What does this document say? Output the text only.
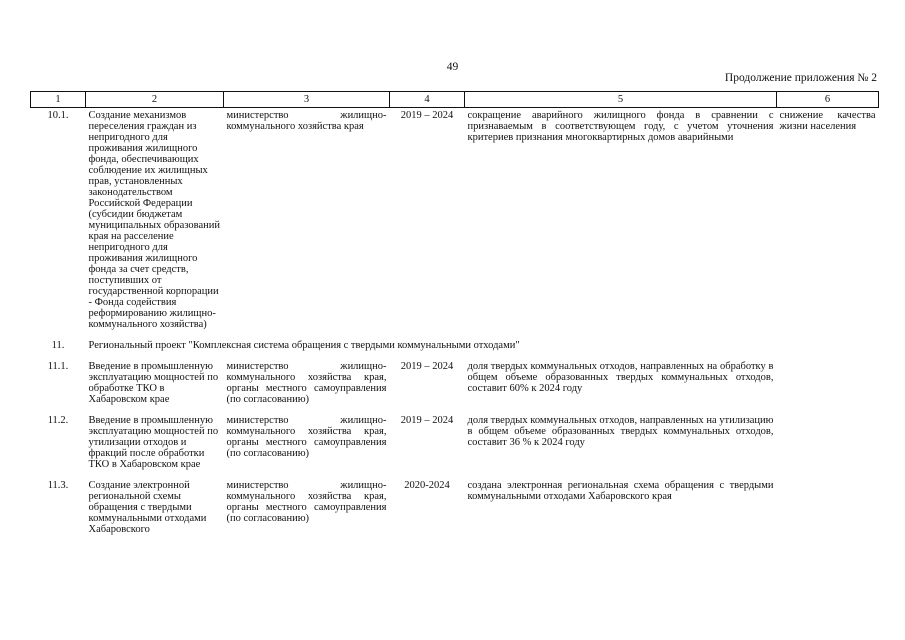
49
Продолжение приложения № 2
1	2	3	4	5	6
10.1.	Создание механизмов переселения граждан из непригодного для проживания жилищного фонда, обеспечивающих соблюдение их жилищных прав, установленных законодательством Российской Федерации (субсидии бюджетам муниципальных образований края на расселение непригодного для проживания жилищного фонда за счет средств, поступивших от государственной корпорации - Фонда содействия реформированию жилищно-коммунального хозяйства)	министерство жилищно-коммунального хозяйства края	2019 – 2024	сокращение аварийного жилищного фонда в сравнении с признаваемым в соответствующем году, с учетом уточнения критериев признания многоквартирных домов аварийными	снижение качества жизни населения
11.	Региональный проект "Комплексная система обращения с твердыми коммунальными отходами"				
11.1.	Введение в промышленную эксплуатацию мощностей по обработке ТКО в Хабаровском крае	министерство жилищно-коммунального хозяйства края, органы местного самоуправления (по согласованию)	2019 – 2024	доля твердых коммунальных отходов, направленных на обработку в общем объеме образованных твердых коммунальных отходов, составит 60% к 2024 году	
11.2.	Введение в промышленную эксплуатацию мощностей по утилизации отходов и фракций после обработки ТКО в Хабаровском крае	министерство жилищно-коммунального хозяйства края, органы местного самоуправления (по согласованию)	2019 – 2024	доля твердых коммунальных отходов, направленных на утилизацию в общем объеме образованных твердых коммунальных отходов, составит 36 % к 2024 году	
11.3.	Создание электронной региональной схемы обращения с твердыми коммунальными отходами Хабаровского	министерство жилищно-коммунального хозяйства края, органы местного самоуправления (по согласованию)	2020-2024	создана электронная региональная схема обращения с твердыми коммунальными отходами Хабаровского края	
